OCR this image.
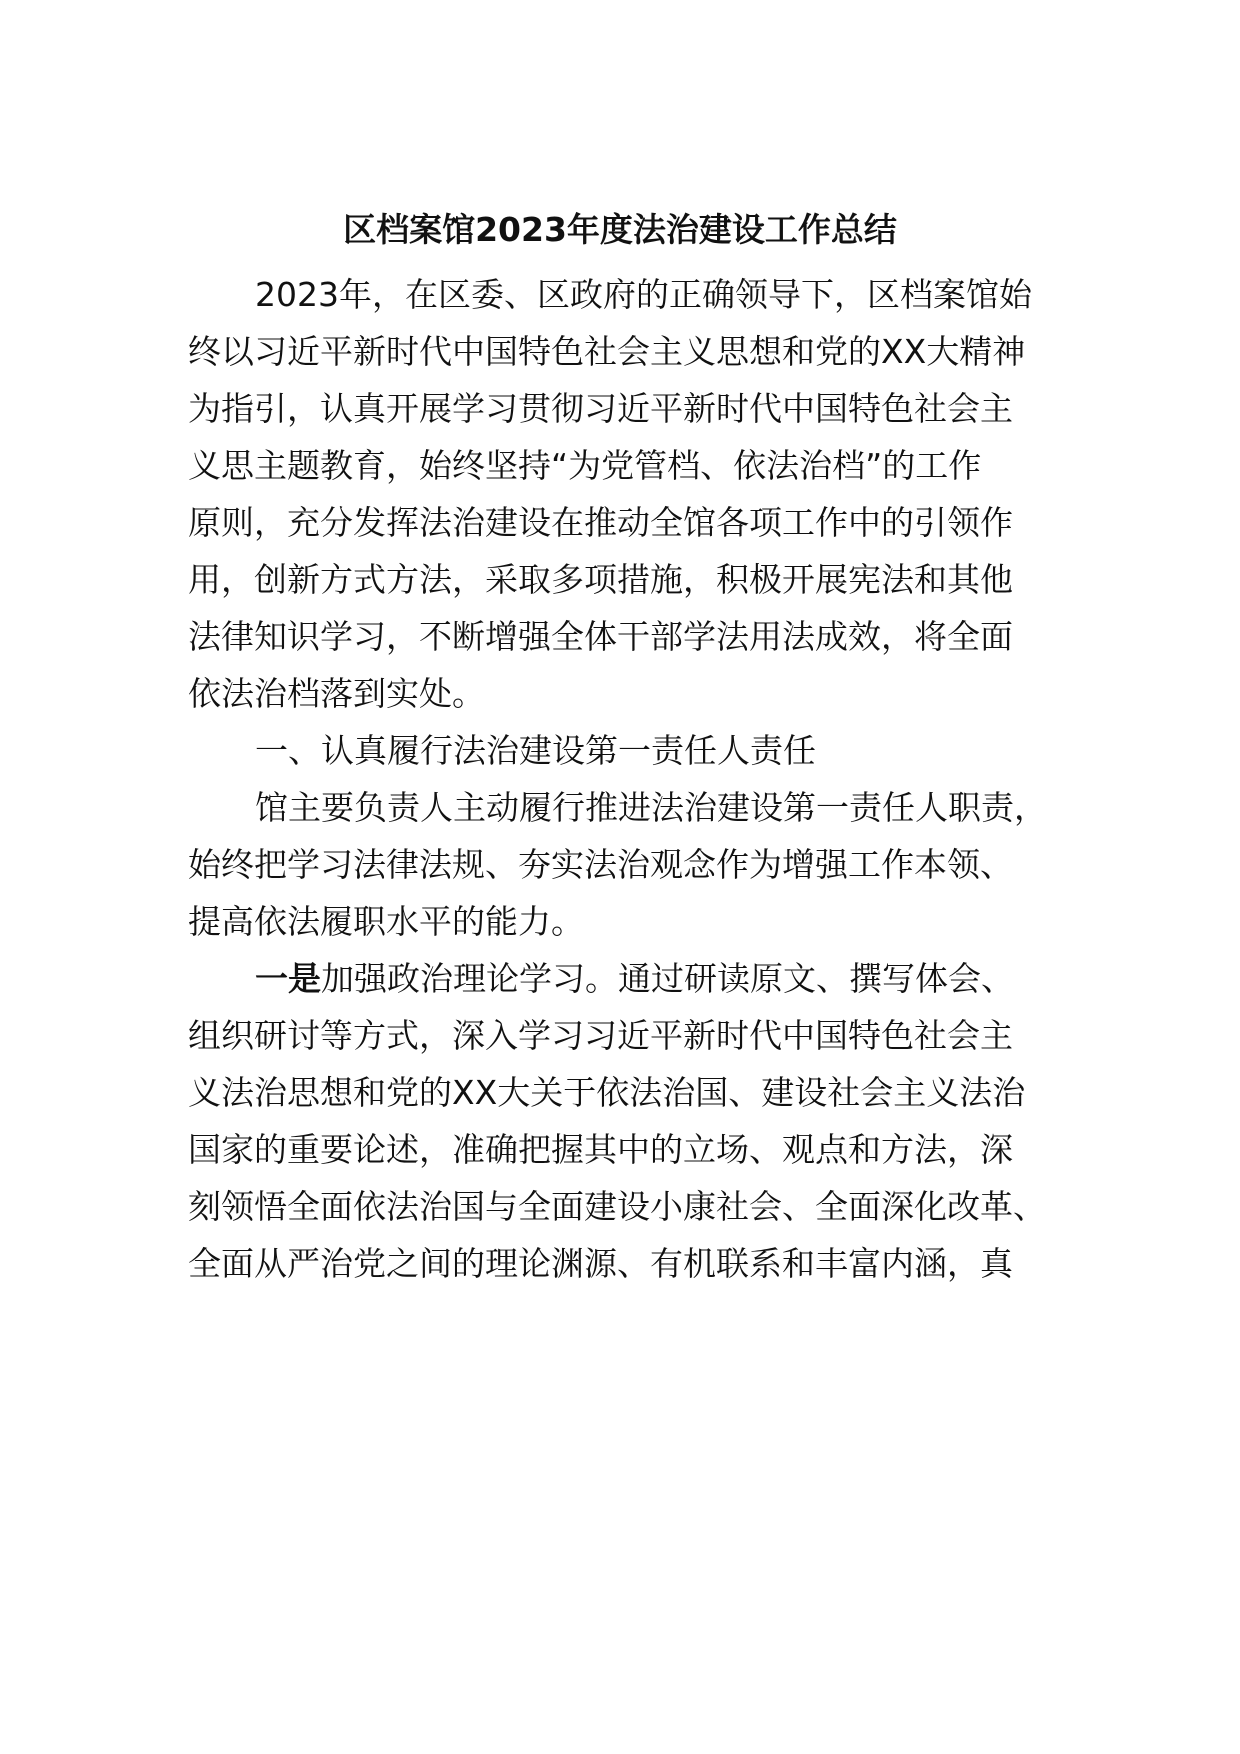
区档案馆2023年度法治建设工作总结
2023年，在区委、区政府的正确领导下，区档案馆始
终以习近平新时代中国特色社会主义思想和党的XX大精神
为指引，认真开展学习贯彻习近平新时代中国特色社会主
义思主题教育，始终坚持“为党管档、依法治档”的工作
原则，充分发挥法治建设在推动全馆各项工作中的引领作
用，创新方式方法，采取多项措施，积极开展宪法和其他
法律知识学习，不断增强全体干部学法用法成效，将全面
依法治档落到实处。
一、认真履行法治建设第一责任人责任
馆主要负责人主动履行推进法治建设第一责任人职责，
始终把学习法律法规、夯实法治观念作为增强工作本领、
提高依法履职水平的能力。
一是加强政治理论学习。通过研读原文、撰写体会、
组织研讨等方式，深入学习习近平新时代中国特色社会主
义法治思想和党的XX大关于依法治国、建设社会主义法治
国家的重要论述，准确把握其中的立场、观点和方法，深
刻领悟全面依法治国与全面建设小康社会、全面深化改革、
全面从严治党之间的理论渊源、有机联系和丰富内涵，真
